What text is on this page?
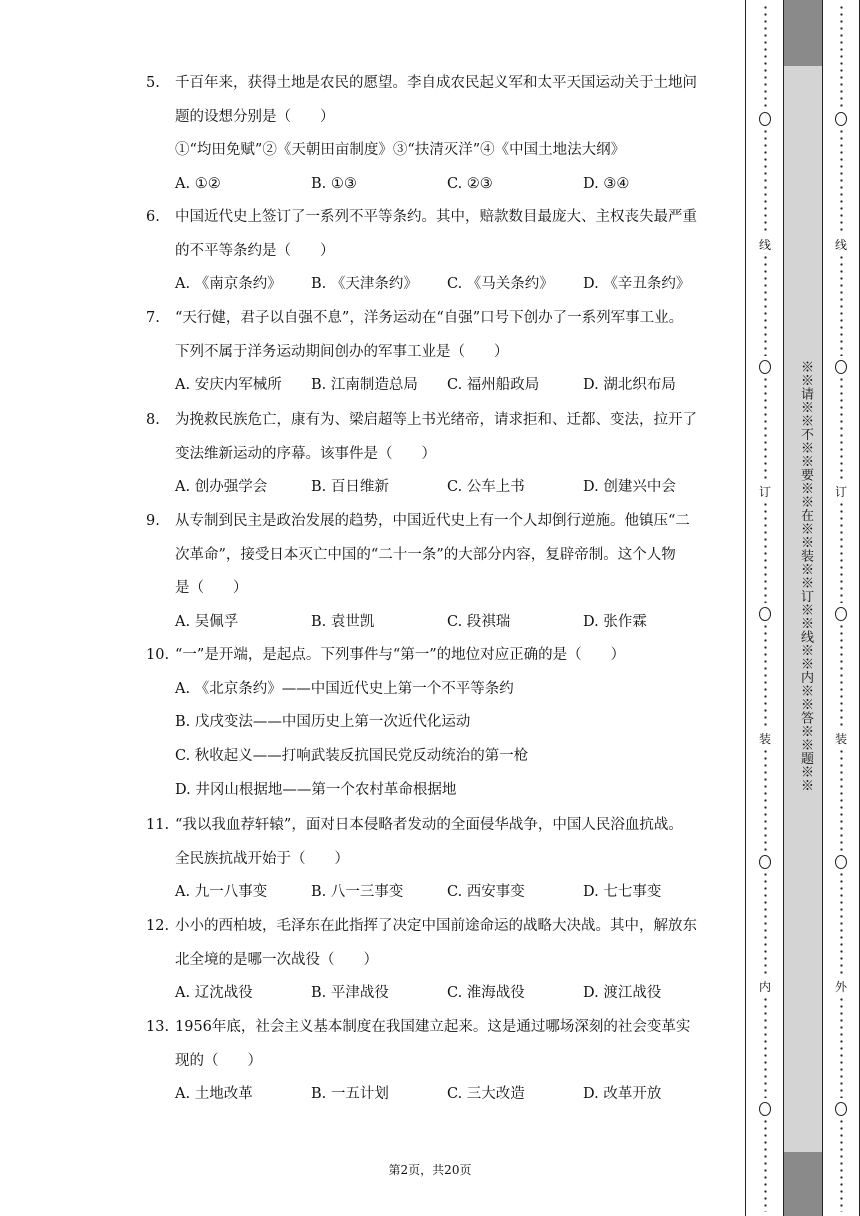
5. 千百年来，获得土地是农民的愿望。李自成农民起义军和太平天国运动关于土地问
题的设想分别是（　　）
①“均田免赋”②《天朝田亩制度》③“扶清灭洋”④《中国土地法大纲》
A. ①②	B. ①③	C. ②③	D. ③④
6. 中国近代史上签订了一系列不平等条约。其中，赔款数目最庞大、主权丧失最严重
的不平等条约是（　　）
A. 《南京条约》 B. 《天津条约》 C. 《马关条约》 D. 《辛丑条约》
7. “天行健，君子以自强不息”，洋务运动在“自强”口号下创办了一系列军事工业。
下列不属于洋务运动期间创办的军事工业是（　　）
A. 安庆内军械所 B. 江南制造总局 C. 福州船政局	D. 湖北织布局
8. 为挽救民族危亡，康有为、梁启超等上书光绪帝，请求拒和、迁都、变法，拉开了
变法维新运动的序幕。该事件是（　　）
A. 创办强学会	B. 百日维新	C. 公车上书	D. 创建兴中会
9. 从专制到民主是政治发展的趋势，中国近代史上有一个人却倒行逆施。他镇压“二
次革命”，接受日本灭亡中国的“二十一条”的大部分内容，复辟帝制。这个人物
是（　　）
A. 吴佩孚	B. 袁世凯	C. 段祺瑞	D. 张作霖
10. “一”是开端，是起点。下列事件与“第一”的地位对应正确的是（　　）
A. 《北京条约》——中国近代史上第一个不平等条约
B. 戊戌变法——中国历史上第一次近代化运动
C. 秋收起义——打响武装反抗国民党反动统治的第一枪
D. 井冈山根据地——第一个农村革命根据地
11. “我以我血荐轩辕”，面对日本侵略者发动的全面侵华战争，中国人民浴血抗战。
全民族抗战开始于（　　）
A. 九一八事变	B. 八一三事变	C. 西安事变	D. 七七事变
12. 小小的西柏坡，毛泽东在此指挥了决定中国前途命运的战略大决战。其中，解放东
北全境的是哪一次战役（　　）
A. 辽沈战役	B. 平津战役	C. 淮海战役	D. 渡江战役
13. 1956年底，社会主义基本制度在我国建立起来。这是通过哪场深刻的社会变革实
现的（　　）
A. 土地改革	B. 一五计划	C. 三大改造	D. 改革开放
第2页，共20页
线
订
装
内
※※请※※不※※要※※在※※装※※订※※线※※内※※答※※题※※
线
订
装
外
